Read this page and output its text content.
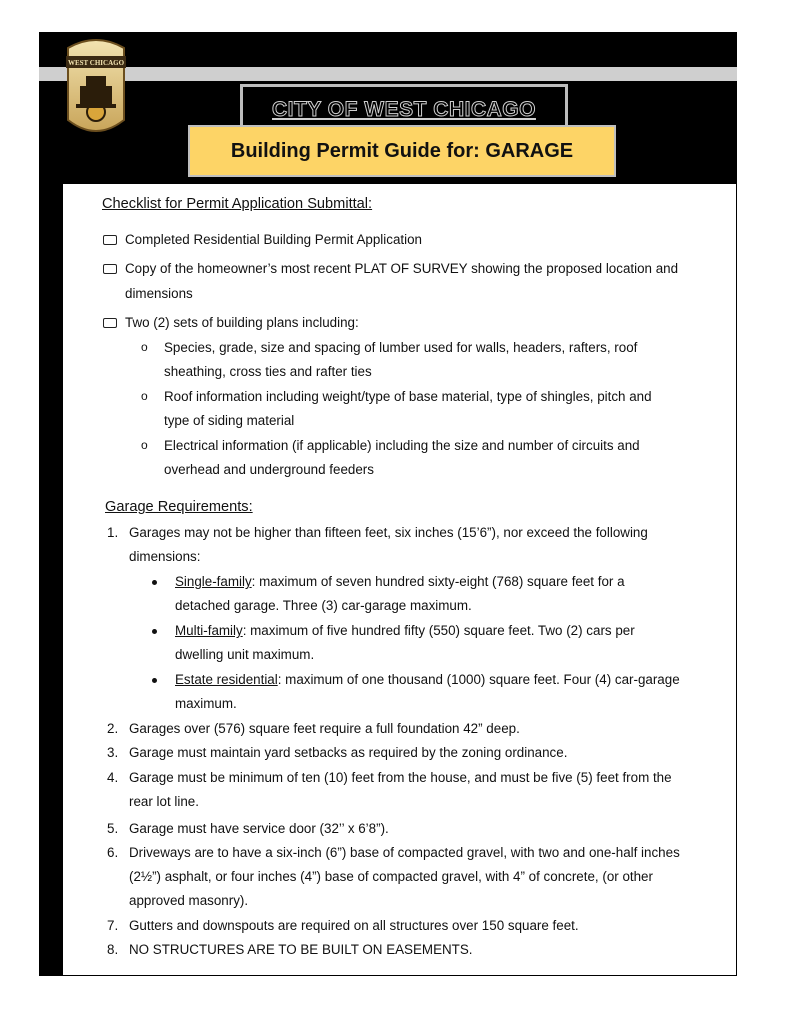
WEST CHICAGO
CITY OF WEST CHICAGO
Building Permit Guide for: GARAGE
Checklist for Permit Application Submittal:
Completed Residential Building Permit Application
Copy of the homeowner’s most recent PLAT OF SURVEY showing the proposed location and
dimensions
Two (2) sets of building plans including:
o Species, grade, size and spacing of lumber used for walls, headers, rafters, roof
sheathing, cross ties and rafter ties
o Roof information including weight/type of base material, type of shingles, pitch and
type of siding material
o Electrical information (if applicable) including the size and number of circuits and
overhead and underground feeders
Garage Requirements:
1. Garages may not be higher than fifteen feet, six inches (15’6”), nor exceed the following
dimensions:
Single-family: maximum of seven hundred sixty-eight (768) square feet for a
detached garage. Three (3) car-garage maximum.
Multi-family: maximum of five hundred fifty (550) square feet. Two (2) cars per
dwelling unit maximum.
Estate residential: maximum of one thousand (1000) square feet. Four (4) car-garage
maximum.
2. Garages over (576) square feet require a full foundation 42” deep.
3. Garage must maintain yard setbacks as required by the zoning ordinance.
4. Garage must be minimum of ten (10) feet from the house, and must be five (5) feet from the
rear lot line.
5. Garage must have service door (32’’ x 6’8”).
6. Driveways are to have a six-inch (6”) base of compacted gravel, with two and one-half inches
(2½”) asphalt, or four inches (4”) base of compacted gravel, with 4” of concrete, (or other
approved masonry).
7. Gutters and downspouts are required on all structures over 150 square feet.
8. NO STRUCTURES ARE TO BE BUILT ON EASEMENTS.
